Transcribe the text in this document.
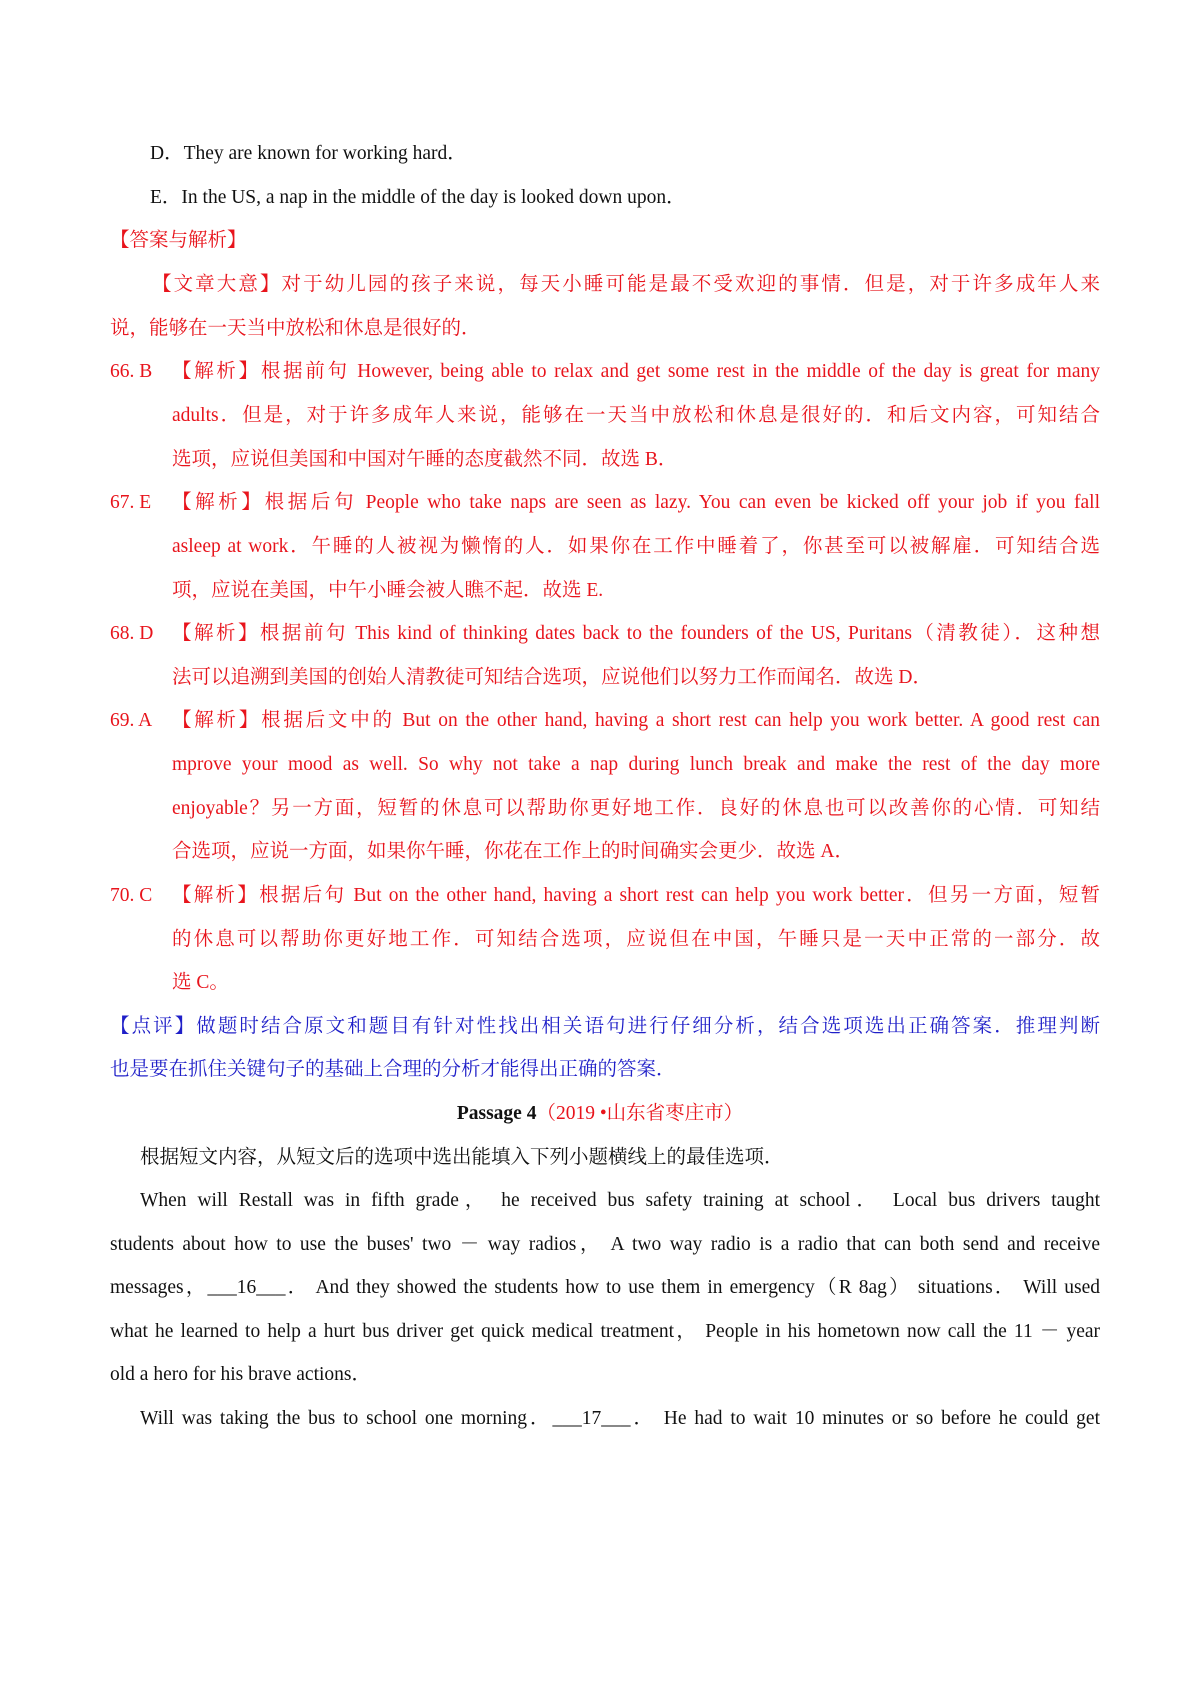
D．They are known for working hard．
E．In the US, a nap in the middle of the day is looked down upon．
【答案与解析】
【文章大意】对于幼儿园的孩子来说，每天小睡可能是最不受欢迎的事情．但是，对于许多成年人来
说，能够在一天当中放松和休息是很好的．
66. B 【解析】根据前句 However, being able to relax and get some rest in the middle of the day is great for many
adults．但是，对于许多成年人来说，能够在一天当中放松和休息是很好的．和后文内容，可知结合
选项，应说但美国和中国对午睡的态度截然不同．故选 B．
67. E 【解析】根据后句 People who take naps are seen as lazy. You can even be kicked off your job if you fall
asleep at work．午睡的人被视为懒惰的人．如果你在工作中睡着了，你甚至可以被解雇．可知结合选
项，应说在美国，中午小睡会被人瞧不起．故选 E.
68. D 【解析】根据前句 This kind of thinking dates back to the founders of the US, Puritans（清教徒）．这种想
法可以追溯到美国的创始人清教徒可知结合选项，应说他们以努力工作而闻名．故选 D．
69. A 【解析】根据后文中的 But on the other hand, having a short rest can help you work better. A good rest can
mprove your mood as well. So why not take a nap during lunch break and make the rest of the day more
enjoyable？另一方面，短暂的休息可以帮助你更好地工作．良好的休息也可以改善你的心情．可知结
合选项，应说一方面，如果你午睡，你花在工作上的时间确实会更少．故选 A．
70. C 【解析】根据后句 But on the other hand, having a short rest can help you work better．但另一方面，短暂
的休息可以帮助你更好地工作．可知结合选项，应说但在中国，午睡只是一天中正常的一部分．故
选 C。
【点评】做题时结合原文和题目有针对性找出相关语句进行仔细分析，结合选项选出正确答案．推理判断
也是要在抓住关键句子的基础上合理的分析才能得出正确的答案．
Passage 4（2019 •山东省枣庄市）
根据短文内容，从短文后的选项中选出能填入下列小题横线上的最佳选项．
When will Restall was in fifth grade， he received bus safety training at school． Local bus drivers taught
students about how to use the buses' two － way radios， A two way radio is a radio that can both send and receive
messages，___16___． And they showed the students how to use them in emergency（R 8ag） situations． Will used
what he learned to help a hurt bus driver get quick medical treatment， People in his hometown now call the 11 － year
old a hero for his brave actions．
Will was taking the bus to school one morning．___17___． He had to wait 10 minutes or so before he could get
